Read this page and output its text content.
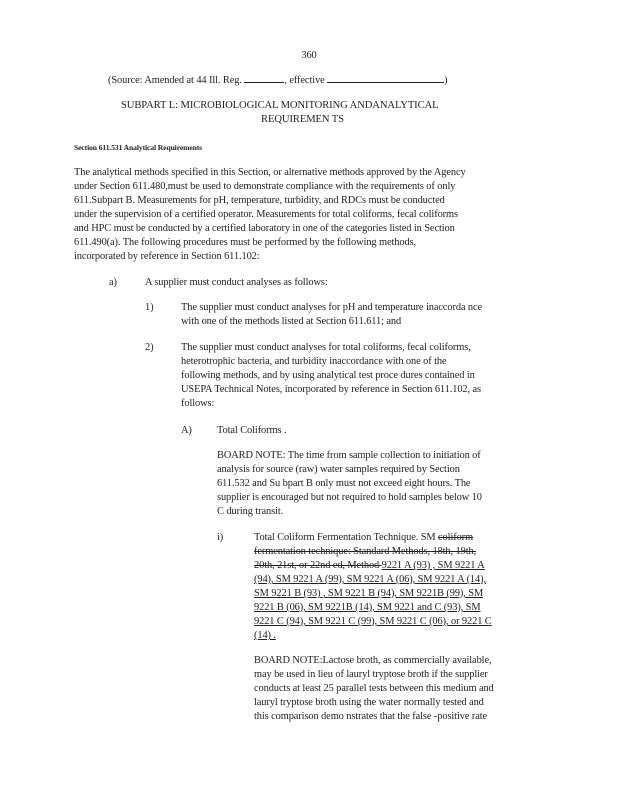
360
(Source: Amended at 44 Ill. Reg.	, effective	)
SUBPART L: MICROBIOLOGICAL MONITORING ANDANALYTICAL
REQUIREMEN TS
Section 611.531 Analytical Requirements
The analytical methods specified in this Section, or alternative methods approved by the Agency
under Section 611.480,must be used to demonstrate compliance with the requirements of only
611.Subpart B. Measurements for pH, temperature, turbidity, and RDCs must be conducted
under the supervision of a certified operator. Measurements for total coliforms, fecal coliforms
and HPC must be conducted by a certified laboratory in one of the categories listed in Section
611.490(a). The following procedures must be performed by the following methods,
incorporated by reference in Section 611.102:
a)	A supplier must conduct analyses as follows:
1)	The supplier must conduct analyses for pH and temperature inaccorda nce
with one of the methods listed at Section 611.611; and
2)	The supplier must conduct analyses for total coliforms, fecal coliforms,
heterotrophic bacteria, and turbidity inaccordance with one of the
following methods, and by using analytical test proce dures contained in
USEPA Technical Notes, incorporated by reference in Section 611.102, as
follows:
A) Total Coliforms .
BOARD NOTE: The time from sample collection to initiation of
analysis for source (raw) water samples required by Section
611.532 and Su bpart B only must not exceed eight hours. The
supplier is encouraged but not required to hold samples below 10
C during transit.
i)	Total Coliform Fermentation Technique. SM coliform
fermentation technique: Standard Methods, 18th, 19th,
20th, 21st, or 22nd ed, Method 9221 A (93) , SM 9221 A
(94), SM 9221 A (99), SM 9221 A (06), SM 9221 A (14),
SM 9221 B (93) , SM 9221 B (94), SM 9221B (99), SM
9221 B (06), SM 9221B (14), SM 9221 and C (93), SM
9221 C (94), SM 9221 C (99), SM 9221 C (06), or 9221 C
(14) .
BOARD NOTE:Lactose broth, as commercially available,
may be used in lieu of lauryl tryptose broth if the supplier
conducts at least 25 parallel tests between this medium and
lauryl tryptose broth using the water normally tested and
this comparison demo nstrates that the false -positive rate
